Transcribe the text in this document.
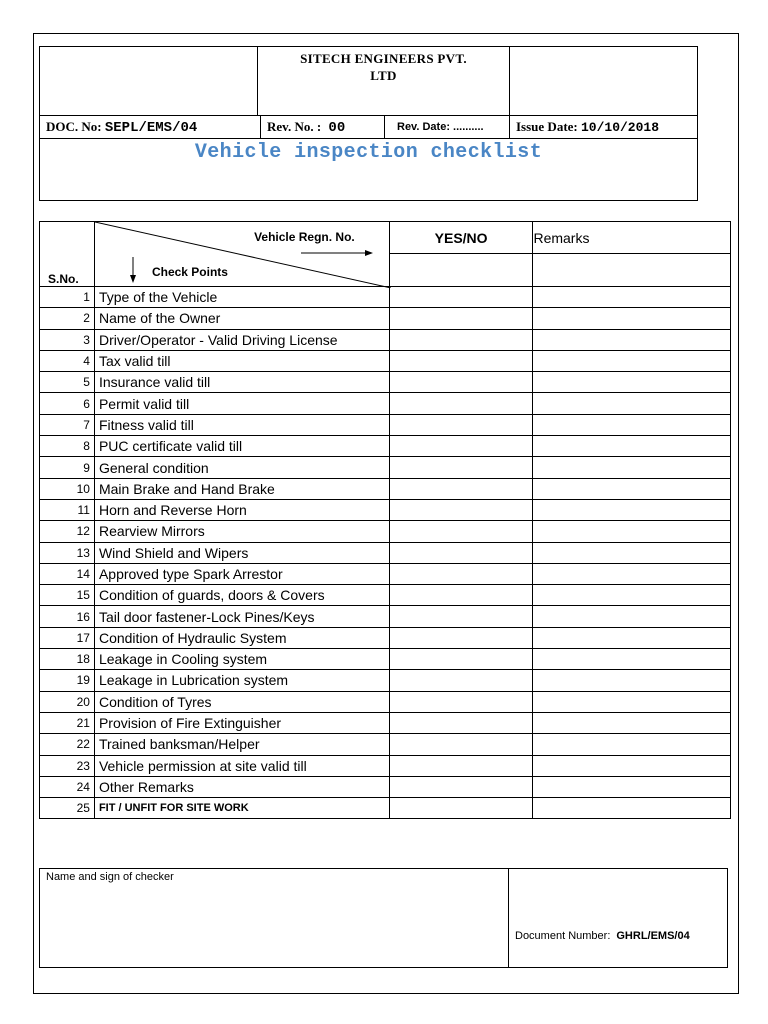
SITECH ENGINEERS PVT.
LTD
DOC. No: SEPL/EMS/04	Rev. No. : 00	Rev. Date: ..........	Issue Date: 10/10/2018
Vehicle inspection checklist
S.No.	Vehicle Regn. No.
Check Points	YES/NO	Remarks

1	Type of the Vehicle		
2	Name of the Owner		
3	Driver/Operator - Valid Driving License		
4	Tax valid till		
5	Insurance valid till		
6	Permit valid till		
7	Fitness valid till		
8	PUC certificate valid till		
9	General condition		
10	Main Brake and Hand Brake		
11	Horn and Reverse Horn		
12	Rearview Mirrors		
13	Wind Shield and Wipers		
14	Approved type Spark Arrestor		
15	Condition of guards, doors & Covers		
16	Tail door fastener-Lock Pines/Keys		
17	Condition of Hydraulic System		
18	Leakage in Cooling system		
19	Leakage in Lubrication system		
20	Condition of Tyres		
21	Provision of Fire Extinguisher		
22	Trained banksman/Helper		
23	Vehicle permission at site valid till		
24	Other Remarks		
25	FIT / UNFIT FOR SITE WORK		
Name and sign of checker
Document Number: GHRL/EMS/04
